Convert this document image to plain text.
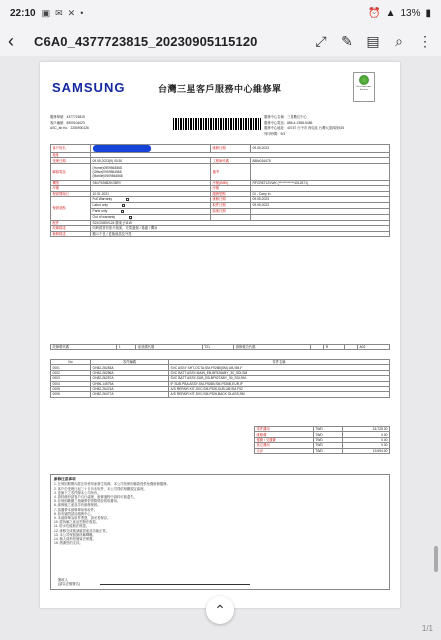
22:10 ▣ ✉ ✕ •	⏰ ▲ 13% ▮
‹	C6A0_4377723815_20230905115120	⤢ ✎ ▤ ⌕ ⋮
SAMSUNG	台灣三星客戶服務中心維修單	Eco-Conscious Services
服務單號：4377723815
客戶編號：8900104023
ASC_ab Ko：2250900126
服務中心名稱：三星數位中心
服務中心電話：886-4-2358-5456
服務中心地址：40747 台中市 西屯區 台灣大道四段925
列印時間：9/3
客戶姓名		維修日期	09.05.2023
地址			
受理日期	09.05.2023(9) 03:30	工程師代碼	888x016475
聯絡電話	(Home)0909564568
(Office)0909564568
(Mobile)0909564568	備考	
機型	SM-F926BZKGBRI	序號(IMEI)	RFCR8T12VWK (************4012571)
序號		序號	
保固開始日	10.01.2021	服務型態	DI - Carry In
保固狀態	Full Warranty	維修日期	09.05.2023
	Labor only	取件日期	09.05.2023
	Parts only	結案日期	
	Out of warranty ✓		
配件	S21GX80V124 廣東 (*11W		
故障描述	同時經常有影片版面，充電過個 / 過濾 / 機身		
檢修描述	顯示不良 / 更換液晶及外殼		
故障碼代碼	1	症狀碼代碼	T21	維修報告代碼		R		A02
No	零件編碼	零件名稱
0001	GH82-26283A	SVC ASSY SHT-OCTA;SM-F926B(SM),UB,SM-F
0002	GH82-26256A	SVC BATT ASSY-MAIN_EB-BF926ABY_30_SDI;SM
0003	GH82-26257A	SVC BATT ASSY-SUB_EB-BF927ABY_30_SDI;SM-
0004	GH96-14579A	IF SUB PBA ASSY-SM-F926B;SM-F926B,EUR,IF
0005	GH82-26474A	A/S REPAIR KIT-SVC;SM-F926,SUB,UB;SM-F92
0006	GH82-26477A	A/S REPAIR KIT-SVC;SM-F926,BACK GLASS;SM
零件費用	TWD	16,725.00
維修費	TWD	0.00
運費 / 交通費	TWD	0.00
其它費用	TWD	0.00
合計	TWD	19,694.00
維修注意事項
1. 在保固期間內經正常使用而發生故障，本公司依保固條款提供免費維修服務。
2. 客戶於受理日起三十日內未取件，本公司得依相關規定處理。
3. 更換下之零件歸本公司所有。
4. 資料備份請客戶自行處理，維修過程中資料可能遺失。
5. 非保固範圍之損壞將依實際情況收取費用。
6. 維修後之產品享有維修保固。
7. 請攜帶本維修單前來取件。
8. 如有疑問請洽服務中心。
9. 本維修單為取件憑證，請妥善保存。
10. 經拆解之產品恕無法復原。
11. 防水性能無法保證。
12. 維修完成後請確認產品功能正常。
13. 本公司保留最終解釋權。
14. 個人資料依個資法保護。
15. 感謝您的支持。
簽收人
(請以正楷簽名)
⌃
1/1
